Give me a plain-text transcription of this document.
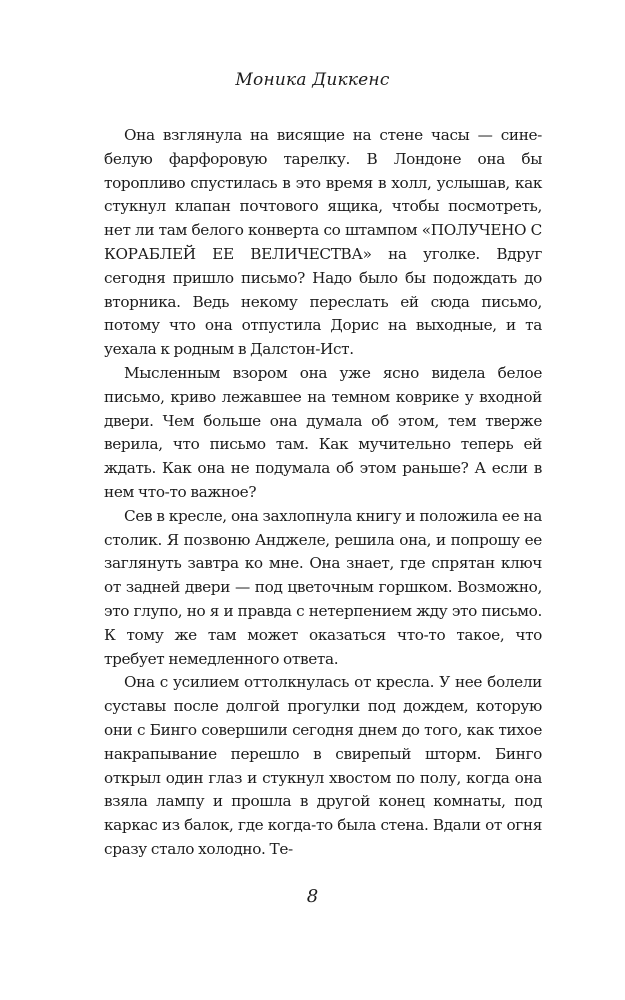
Моника Диккенс

Она взглянула на висящие на стене часы — сине-белую фарфоровую тарелку. В Лондоне она бы торопливо спустилась в это время в холл, услышав, как стукнул клапан почтового ящика, чтобы посмотреть, нет ли там белого конверта со штампом «ПОЛУЧЕНО С КОРАБЛЕЙ ЕЕ ВЕЛИЧЕСТВА» на уголке. Вдруг сегодня пришло письмо? Надо было бы подождать до вторника. Ведь некому переслать ей сюда письмо, потому что она отпустила Дорис на выходные, и та уехала к родным в Далстон-Ист.

Мысленным взором она уже ясно видела белое письмо, криво лежавшее на темном коврике у входной двери. Чем больше она думала об этом, тем тверже верила, что письмо там. Как мучительно теперь ей ждать. Как она не подумала об этом раньше? А если в нем что-то важное?

Сев в кресле, она захлопнула книгу и положила ее на столик. Я позвоню Анджеле, решила она, и попрошу ее заглянуть завтра ко мне. Она знает, где спрятан ключ от задней двери — под цветочным горшком. Возможно, это глупо, но я и правда с нетерпением жду это письмо. К тому же там может оказаться что-то такое, что требует немедленного ответа.

Она с усилием оттолкнулась от кресла. У нее болели суставы после долгой прогулки под дождем, которую они с Бинго совершили сегодня днем до того, как тихое накрапывание перешло в свирепый шторм. Бинго открыл один глаз и стукнул хвостом по полу, когда она взяла лампу и прошла в другой конец комнаты, под каркас из балок, где когда-то была стена. Вдали от огня сразу стало холодно. Те-

8
